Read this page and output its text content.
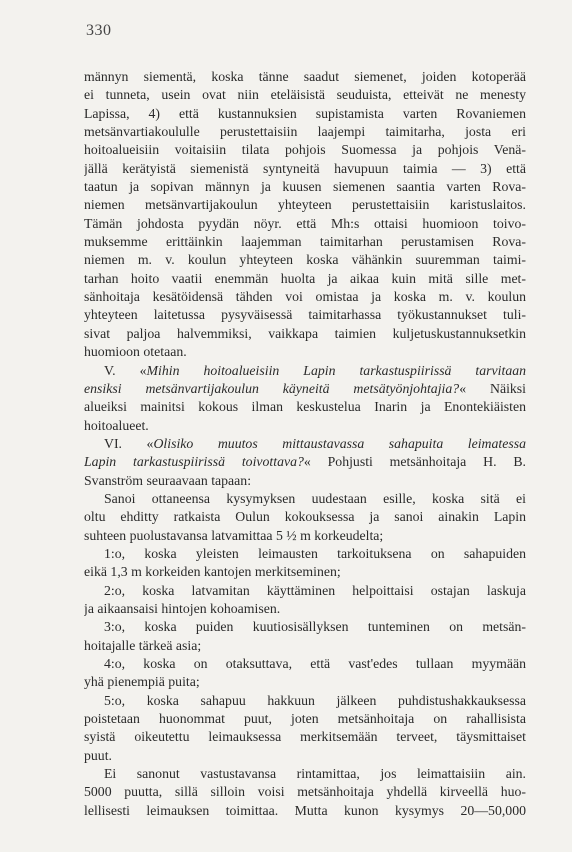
330
männyn siementä, koska tänne saadut siemenet, joiden kotoperää
ei tunneta, usein ovat niin eteläisistä seuduista, etteivät ne menesty
Lapissa, 4) että kustannuksien supistamista varten Rovaniemen
metsänvartiakoululle perustettaisiin laajempi taimitarha, josta eri
hoitoalueisiin voitaisiin tilata pohjois Suomessa ja pohjois Venä-
jällä kerätyistä siemenistä syntyneitä havupuun taimia — 3) että
taatun ja sopivan männyn ja kuusen siemenen saantia varten Rova-
niemen metsänvartijakoulun yhteyteen perustettaisiin karistuslaitos.
Tämän johdosta pyydän nöyr. että Mh:s ottaisi huomioon toivo-
muksemme erittäinkin laajemman taimitarhan perustamisen Rova-
niemen m. v. koulun yhteyteen koska vähänkin suuremman taimi-
tarhan hoito vaatii enemmän huolta ja aikaa kuin mitä sille met-
sänhoitaja kesätöidensä tähden voi omistaa ja koska m. v. koulun
yhteyteen laitetussa pysyväisessä taimitarhassa työkustannukset tuli-
sivat paljoa halvemmiksi, vaikkapa taimien kuljetuskustannuksetkin
huomioon otetaan.
V. «Mihin hoitoalueisiin Lapin tarkastuspiirissä tarvitaan
ensiksi metsänvartijakoulun käyneitä metsätyönjohtajia?« Näiksi
alueiksi mainitsi kokous ilman keskustelua Inarin ja Enontekiäisten
hoitoalueet.
VI. «Olisiko muutos mittaustavassa sahapuita leimatessa
Lapin tarkastuspiirissä toivottava?« Pohjusti metsänhoitaja H. B.
Svanström seuraavaan tapaan:
Sanoi ottaneensa kysymyksen uudestaan esille, koska sitä ei
oltu ehditty ratkaista Oulun kokouksessa ja sanoi ainakin Lapin
suhteen puolustavansa latvamittaa 5 ½ m korkeudelta;
1:o, koska yleisten leimausten tarkoituksena on sahapuiden
eikä 1,3 m korkeiden kantojen merkitseminen;
2:o, koska latvamitan käyttäminen helpoittaisi ostajan laskuja
ja aikaansaisi hintojen kohoamisen.
3:o, koska puiden kuutiosisällyksen tunteminen on metsän-
hoitajalle tärkeä asia;
4:o, koska on otaksuttava, että vast'edes tullaan myymään
yhä pienempiä puita;
5:o, koska sahapuu hakkuun jälkeen puhdistushakkauksessa
poistetaan huonommat puut, joten metsänhoitaja on rahallisista
syistä oikeutettu leimauksessa merkitsemään terveet, täysmittaiset
puut.
Ei sanonut vastustavansa rintamittaa, jos leimattaisiin ain.
5000 puutta, sillä silloin voisi metsänhoitaja yhdellä kirveellä huo-
lellisesti leimauksen toimittaa. Mutta kunon kysymys 20—50,000
